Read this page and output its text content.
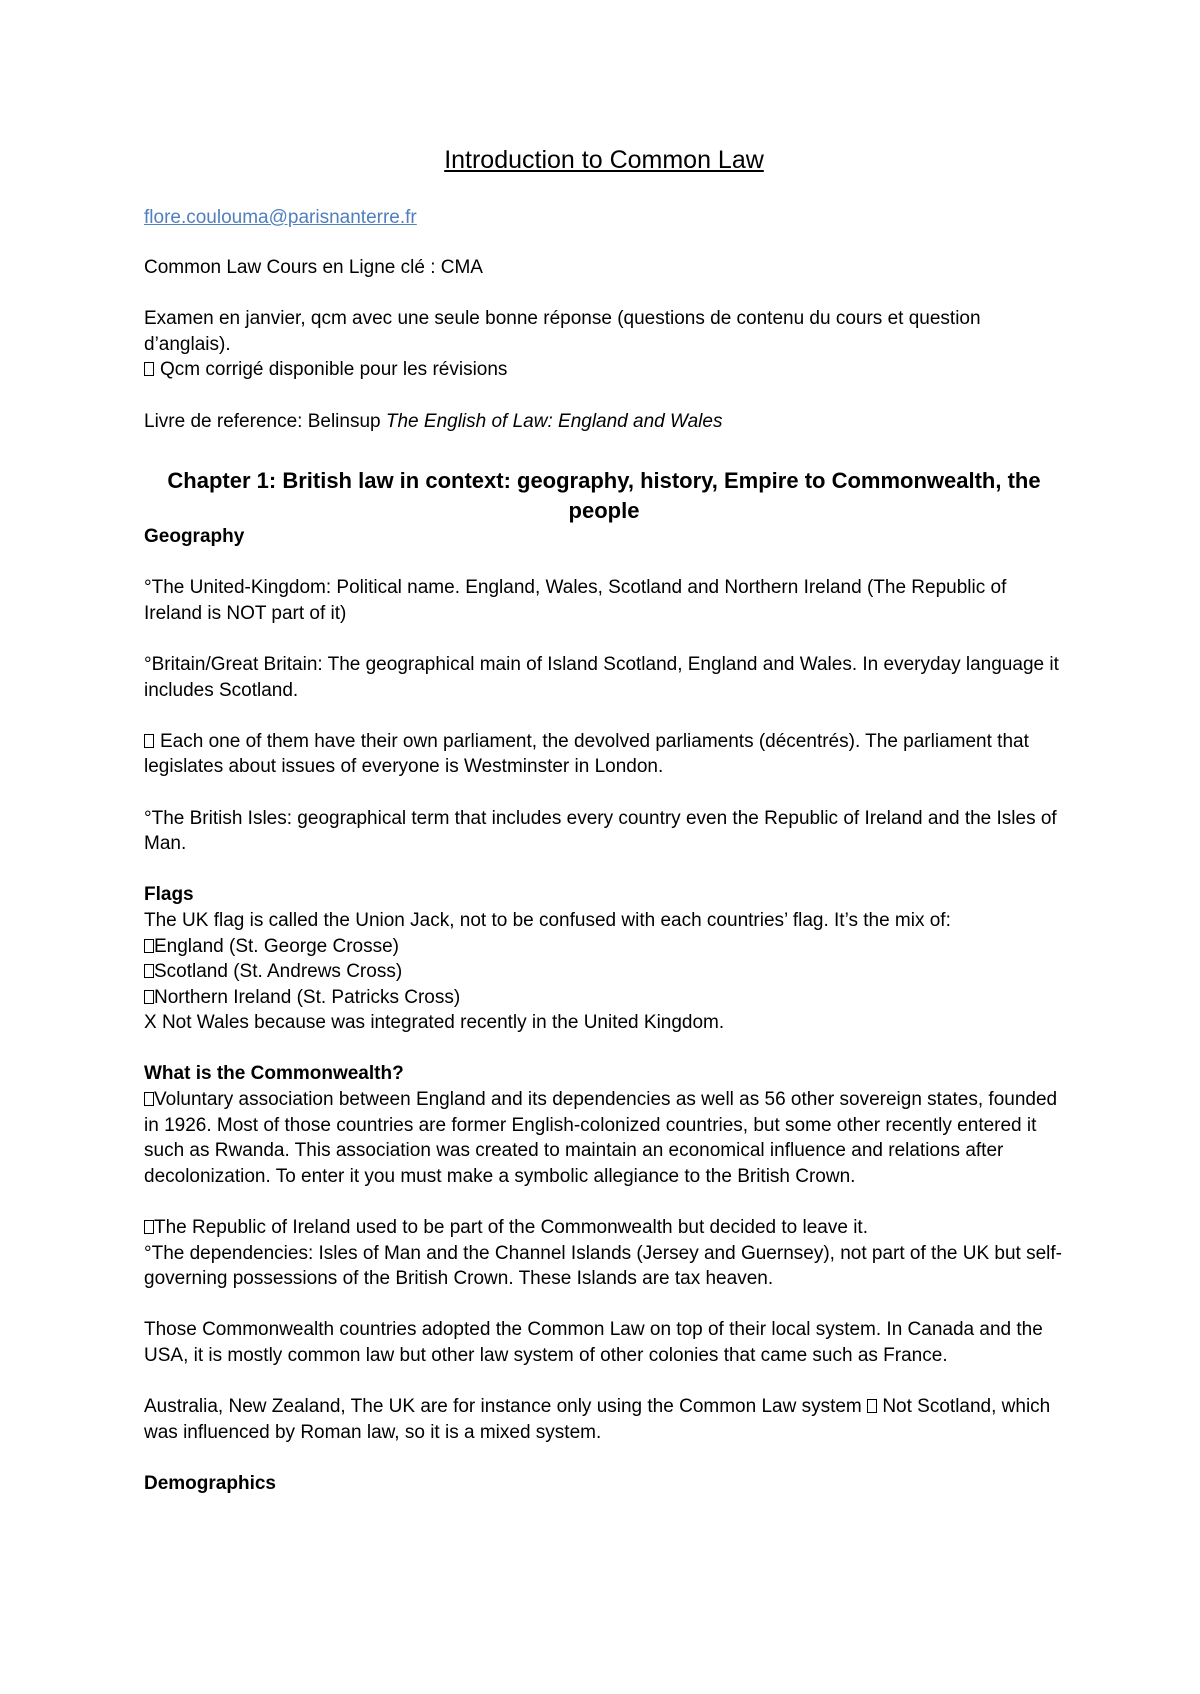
Introduction to Common Law
flore.coulouma@parisnanterre.fr

Common Law Cours en Ligne clé : CMA

Examen en janvier, qcm avec une seule bonne réponse (questions de contenu du cours et question d’anglais).

Qcm corrigé disponible pour les révisions

Livre de reference: Belinsup The English of Law: England and Wales

Chapter 1: British law in context: geography, history, Empire to Commonwealth, the people

Geography

°The United-Kingdom: Political name. England, Wales, Scotland and Northern Ireland (The Republic of Ireland is NOT part of it)

°Britain/Great Britain: The geographical main of Island Scotland, England and Wales. In everyday language it includes Scotland.

Each one of them have their own parliament, the devolved parliaments (décentrés). The parliament that legislates about issues of everyone is Westminster in London.

°The British Isles: geographical term that includes every country even the Republic of Ireland and the Isles of Man.

Flags

The UK flag is called the Union Jack, not to be confused with each countries’ flag. It’s the mix of:

England (St. George Crosse)

Scotland (St. Andrews Cross)

Northern Ireland (St. Patricks Cross)

X Not Wales because was integrated recently in the United Kingdom.

What is the Commonwealth?

Voluntary association between England and its dependencies as well as 56 other sovereign states, founded in 1926. Most of those countries are former English-colonized countries, but some other recently entered it such as Rwanda. This association was created to maintain an economical influence and relations after decolonization. To enter it you must make a symbolic allegiance to the British Crown.

The Republic of Ireland used to be part of the Commonwealth but decided to leave it.

°The dependencies: Isles of Man and the Channel Islands (Jersey and Guernsey), not part of the UK but self-governing possessions of the British Crown. These Islands are tax heaven.

Those Commonwealth countries adopted the Common Law on top of their local system. In Canada and the USA, it is mostly common law but other law system of other colonies that came such as France.

Australia, New Zealand, The UK are for instance only using the Common Law system Not Scotland, which was influenced by Roman law, so it is a mixed system.

Demographics
